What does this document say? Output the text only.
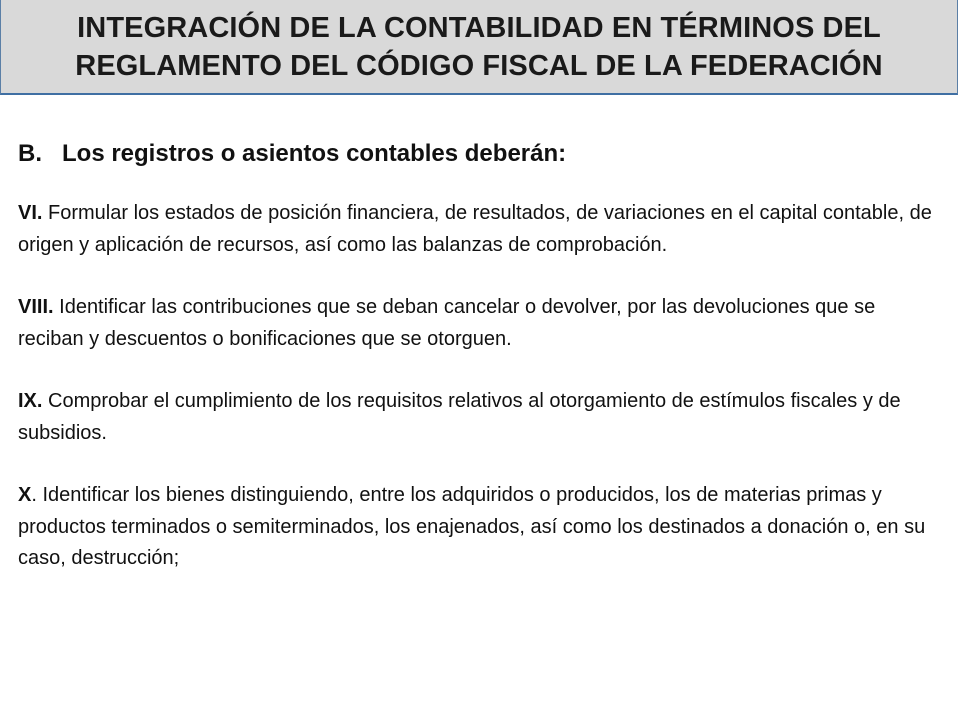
INTEGRACIÓN DE LA CONTABILIDAD EN TÉRMINOS DEL
REGLAMENTO DEL CÓDIGO FISCAL DE LA FEDERACIÓN
B. Los registros o asientos contables deberán:

VI. Formular los estados de posición financiera, de resultados, de variaciones en el capital contable, de origen y aplicación de recursos, así como las balanzas de comprobación.

VIII. Identificar las contribuciones que se deban cancelar o devolver, por las devoluciones que se reciban y descuentos o bonificaciones que se otorguen.

IX. Comprobar el cumplimiento de los requisitos relativos al otorgamiento de estímulos fiscales y de subsidios.

X. Identificar los bienes distinguiendo, entre los adquiridos o producidos, los de materias primas y productos terminados o semiterminados, los enajenados, así como los destinados a donación o, en su caso, destrucción;
